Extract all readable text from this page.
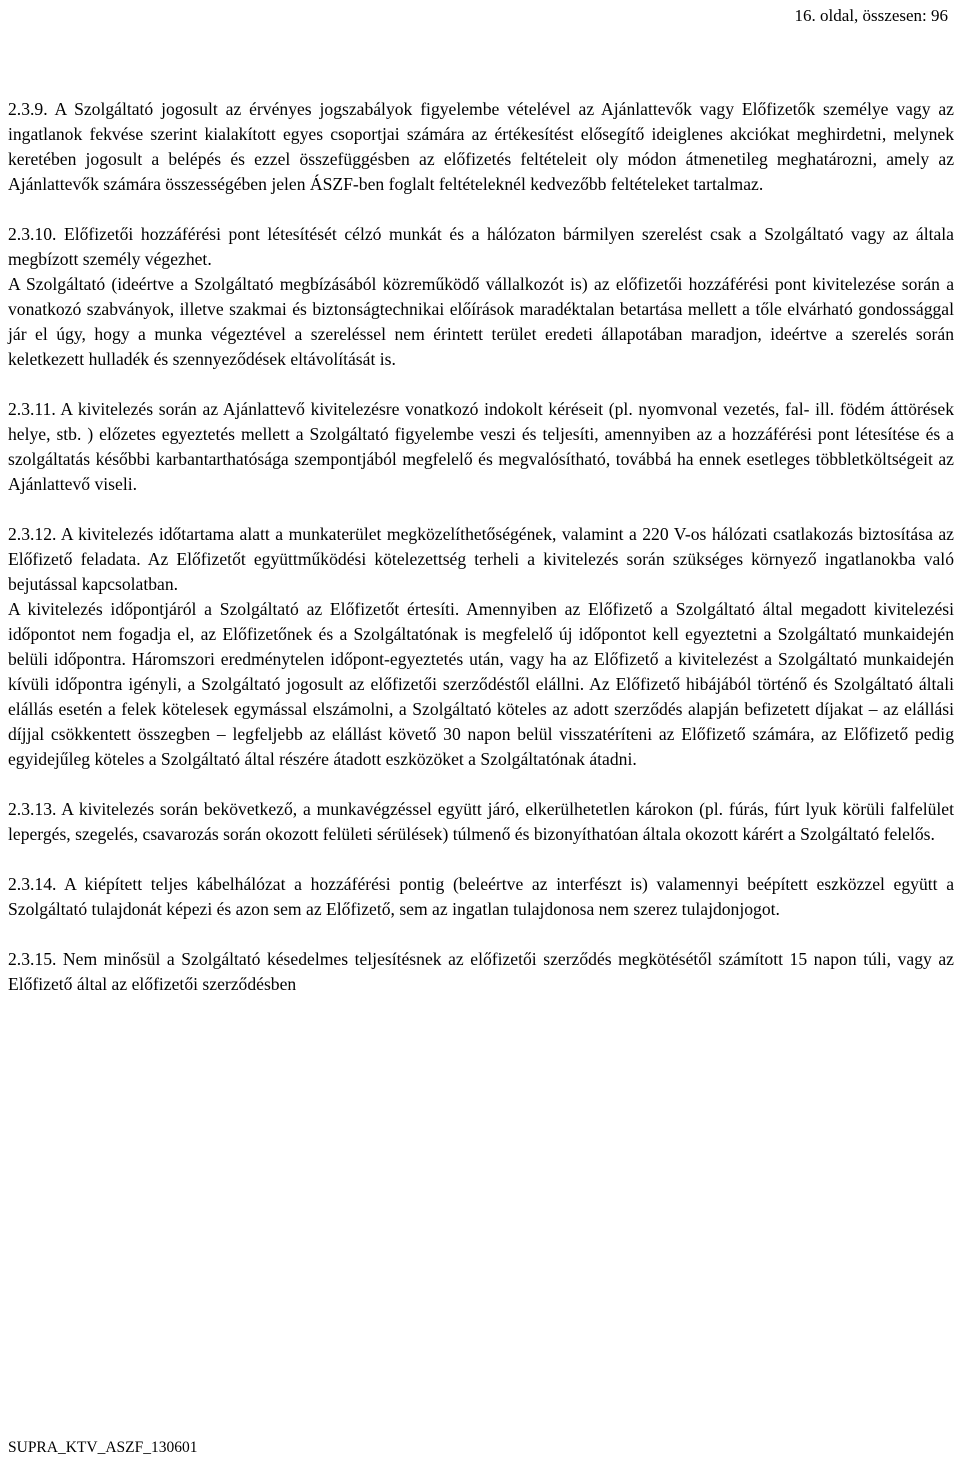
16. oldal, összesen: 96

2.3.9. A Szolgáltató jogosult az érvényes jogszabályok figyelembe vételével az Ajánlattevők vagy Előfizetők személye vagy az ingatlanok fekvése szerint kialakított egyes csoportjai számára az értékesítést elősegítő ideiglenes akciókat meghirdetni, melynek keretében jogosult a belépés és ezzel összefüggésben az előfizetés feltételeit oly módon átmenetileg meghatározni, amely az Ajánlattevők számára összességében jelen ÁSZF-ben foglalt feltételeknél kedvezőbb feltételeket tartalmaz.

2.3.10. Előfizetői hozzáférési pont létesítését célzó munkát és a hálózaton bármilyen szerelést csak a Szolgáltató vagy az általa megbízott személy végezhet.

A Szolgáltató (ideértve a Szolgáltató megbízásából közreműködő vállalkozót is) az előfizetői hozzáférési pont kivitelezése során a vonatkozó szabványok, illetve szakmai és biztonságtechnikai előírások maradéktalan betartása mellett a tőle elvárható gondossággal jár el úgy, hogy a munka végeztével a szereléssel nem érintett terület eredeti állapotában maradjon, ideértve a szerelés során keletkezett hulladék és szennyeződések eltávolítását is.

2.3.11. A kivitelezés során az Ajánlattevő kivitelezésre vonatkozó indokolt kéréseit (pl. nyomvonal vezetés, fal- ill. födém áttörések helye, stb. ) előzetes egyeztetés mellett a Szolgáltató figyelembe veszi és teljesíti, amennyiben az a hozzáférési pont létesítése és a szolgáltatás későbbi karbantarthatósága szempontjából megfelelő és megvalósítható, továbbá ha ennek esetleges többletköltségeit az Ajánlattevő viseli.

2.3.12. A kivitelezés időtartama alatt a munkaterület megközelíthetőségének, valamint a 220 V-os hálózati csatlakozás biztosítása az Előfizető feladata. Az Előfizetőt együttműködési kötelezettség terheli a kivitelezés során szükséges környező ingatlanokba való bejutással kapcsolatban.

A kivitelezés időpontjáról a Szolgáltató az Előfizetőt értesíti. Amennyiben az Előfizető a Szolgáltató által megadott kivitelezési időpontot nem fogadja el, az Előfizetőnek és a Szolgáltatónak is megfelelő új időpontot kell egyeztetni a Szolgáltató munkaidején belüli időpontra. Háromszori eredménytelen időpont-egyeztetés után, vagy ha az Előfizető a kivitelezést a Szolgáltató munkaidején kívüli időpontra igényli, a Szolgáltató jogosult az előfizetői szerződéstől elállni. Az Előfizető hibájából történő és Szolgáltató általi elállás esetén a felek kötelesek egymással elszámolni, a Szolgáltató köteles az adott szerződés alapján befizetett díjakat – az elállási díjjal csökkentett összegben – legfeljebb az elállást követő 30 napon belül visszatéríteni az Előfizető számára, az Előfizető pedig egyidejűleg köteles a Szolgáltató által részére átadott eszközöket a Szolgáltatónak átadni.

2.3.13. A kivitelezés során bekövetkező, a munkavégzéssel együtt járó, elkerülhetetlen károkon (pl. fúrás, fúrt lyuk körüli falfelület lepergés, szegelés, csavarozás során okozott felületi sérülések) túlmenő és bizonyíthatóan általa okozott kárért a Szolgáltató felelős.

2.3.14. A kiépített teljes kábelhálózat a hozzáférési pontig (beleértve az interfészt is) valamennyi beépített eszközzel együtt a Szolgáltató tulajdonát képezi és azon sem az Előfizető, sem az ingatlan tulajdonosa nem szerez tulajdonjogot.

2.3.15. Nem minősül a Szolgáltató késedelmes teljesítésnek az előfizetői szerződés megkötésétől számított 15 napon túli, vagy az Előfizető által az előfizetői szerződésben

SUPRA_KTV_ASZF_130601
